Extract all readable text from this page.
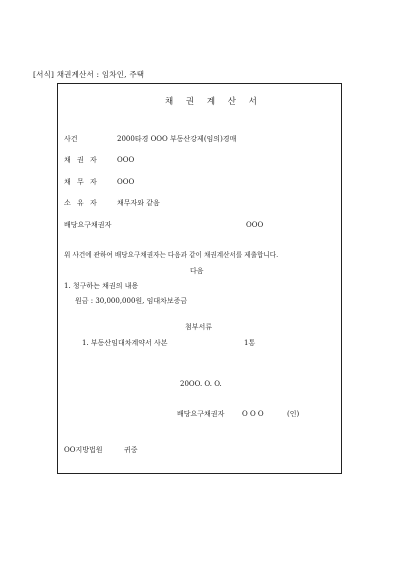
[서식] 채권계산서 : 임차인, 주택
채 권 계 산 서
사건	2000타경 OOO 부동산강제(임의)경매
채 권 자	OOO
채 무 자	OOO
소 유 자	채무자와 같음
배당요구채권자	OOO
위 사건에 관하여 배당요구채권자는 다음과 같이 채권계산서를 제출합니다.
다음
1. 청구하는 채권의 내용
원금 : 30,000,000원, 임대차보증금
첨부서류
1. 부동산임대차계약서 사본	1통
20OO. O. O.
배당요구채권자	O O O	(인)
OO지방법원	귀중
